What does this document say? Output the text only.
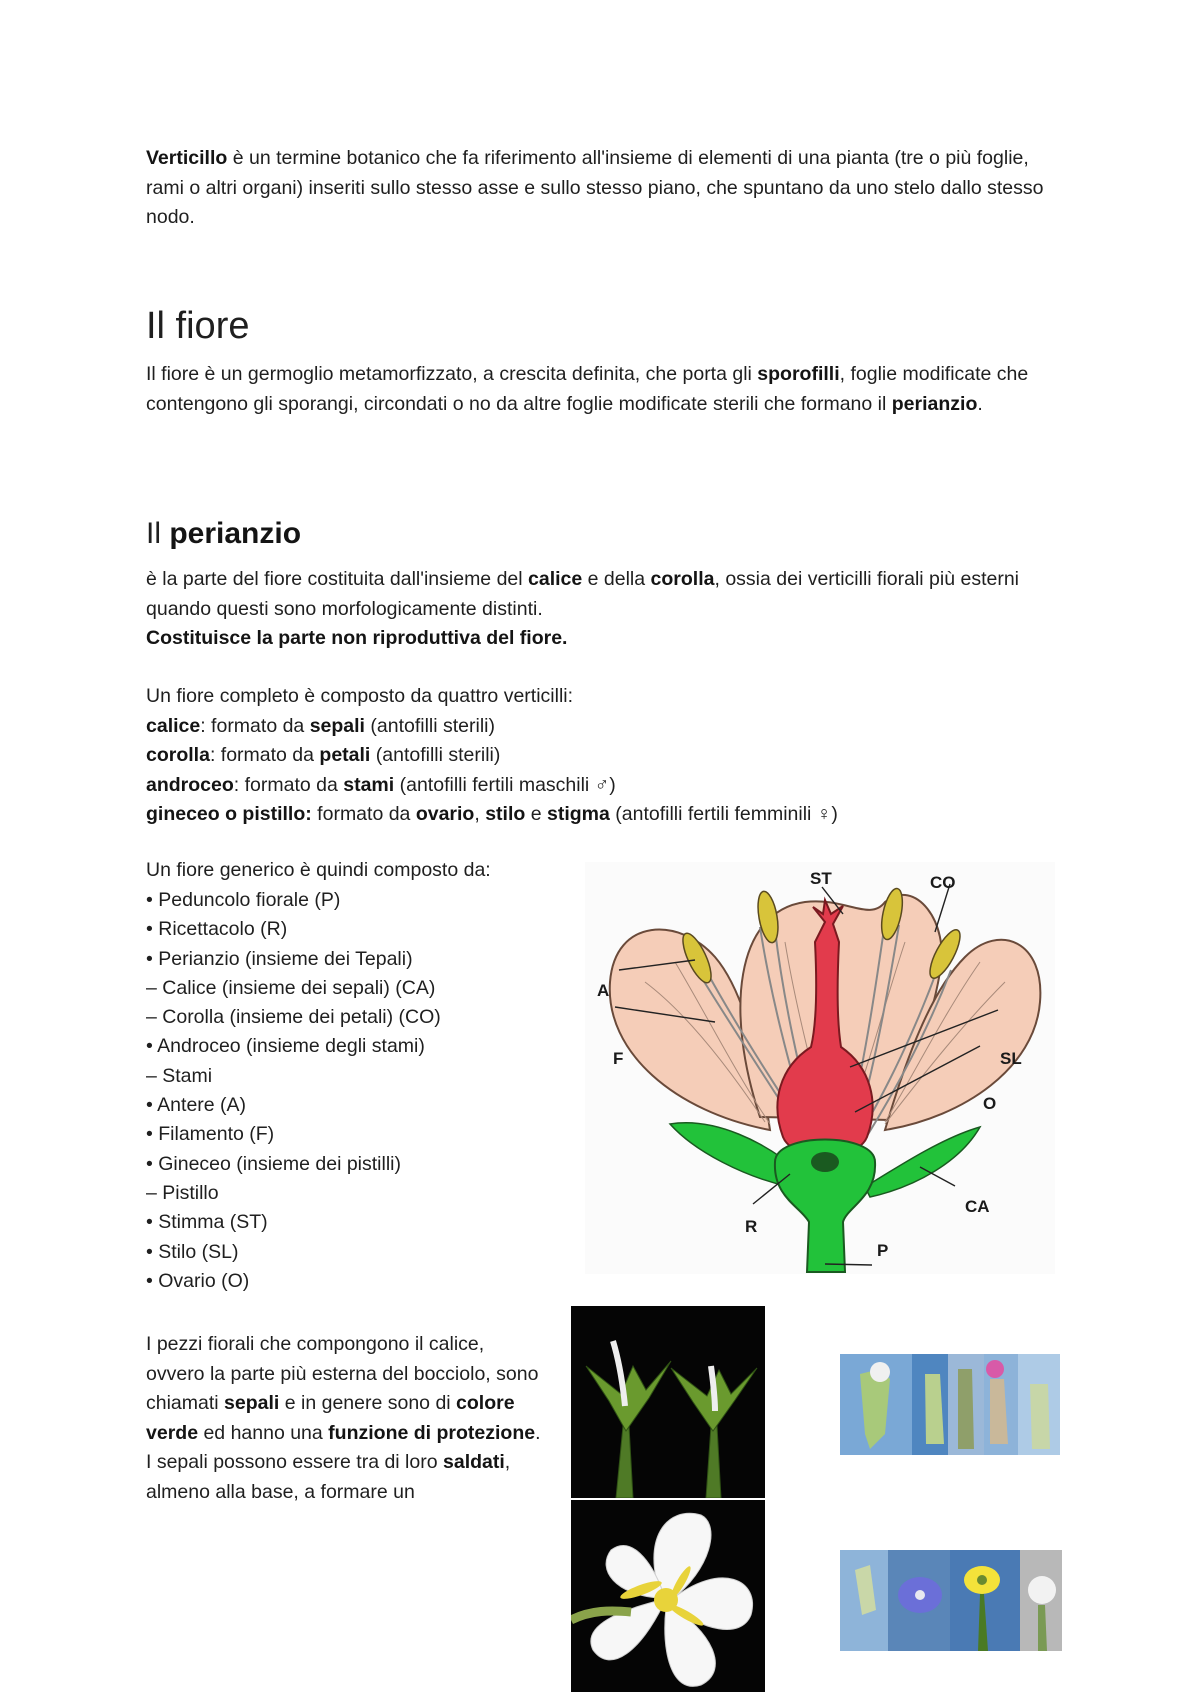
Verticillo è un termine botanico che fa riferimento all'insieme di elementi di una pianta (tre o più foglie, rami o altri organi) inseriti sullo stesso asse e sullo stesso piano, che spuntano da uno stelo dallo stesso nodo.

Il fiore

Il fiore è un germoglio metamorfizzato, a crescita definita, che porta gli sporofilli, foglie modificate che contengono gli sporangi, circondati o no da altre foglie modificate sterili che formano il perianzio.

Il perianzio

è la parte del fiore costituita dall'insieme del calice e della corolla, ossia dei verticilli fiorali più esterni quando questi sono morfologicamente distinti.
Costituisce la parte non riproduttiva del fiore.

Un fiore completo è composto da quattro verticilli:
calice: formato da sepali (antofilli sterili)
corolla: formato da petali (antofilli sterili)
androceo: formato da stami (antofilli fertili maschili ♂)
gineceo o pistillo: formato da ovario, stilo e stigma (antofilli fertili femminili ♀)

Un fiore generico è quindi composto da:

• Peduncolo fiorale (P)
• Ricettacolo (R)
• Perianzio (insieme dei Tepali)
– Calice (insieme dei sepali) (CA)
– Corolla (insieme dei petali) (CO)
• Androceo (insieme degli stami)
– Stami
• Antere (A)
• Filamento (F)
• Gineceo (insieme dei pistilli)
– Pistillo
• Stimma (ST)
• Stilo (SL)
• Ovario (O)
ST	CO
A
F	SL
O
CA
R
P

I pezzi fiorali che compongono il calice, ovvero la parte più esterna del bocciolo, sono chiamati sepali e in genere sono di colore verde ed hanno una funzione di protezione.
I sepali possono essere tra di loro saldati, almeno alla base, a formare un
